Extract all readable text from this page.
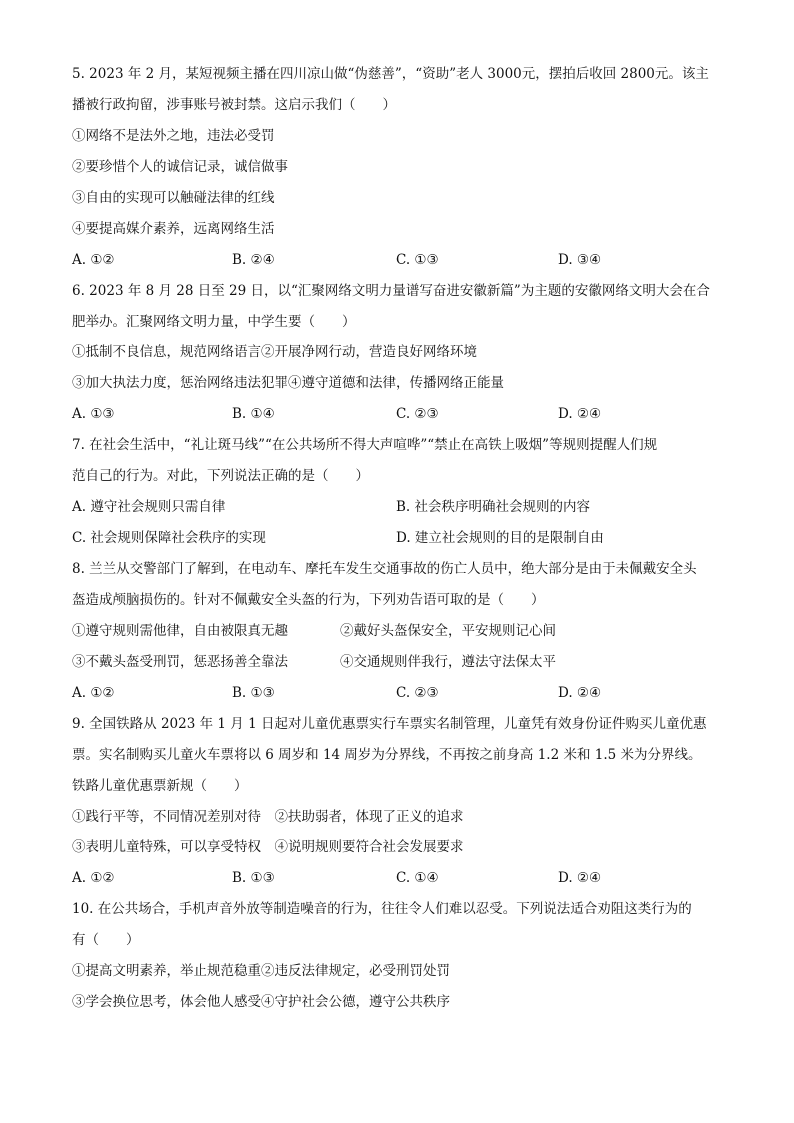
5. 2023 年 2 月，某短视频主播在四川凉山做“伪慈善”，“资助”老人 3000元，摆拍后收回 2800元。该主
播被行政拘留，涉事账号被封禁。这启示我们（　　）
①网络不是法外之地，违法必受罚
②要珍惜个人的诚信记录，诚信做事
③自由的实现可以触碰法律的红线
④要提高媒介素养，远离网络生活
A. ①②	B. ②④	C. ①③	D. ③④
6. 2023 年 8 月 28 日至 29 日，以“汇聚网络文明力量谱写奋进安徽新篇”为主题的安徽网络文明大会在合
肥举办。汇聚网络文明力量，中学生要（　　）
①抵制不良信息，规范网络语言②开展净网行动，营造良好网络环境
③加大执法力度，惩治网络违法犯罪④遵守道德和法律，传播网络正能量
A. ①③	B. ①④	C. ②③	D. ②④
7. 在社会生活中，“礼让斑马线”“在公共场所不得大声喧哗”“禁止在高铁上吸烟”等规则提醒人们规
范自己的行为。对此，下列说法正确的是（　　）
A. 遵守社会规则只需自律	B. 社会秩序明确社会规则的内容
C. 社会规则保障社会秩序的实现	D. 建立社会规则的目的是限制自由
8. 兰兰从交警部门了解到，在电动车、摩托车发生交通事故的伤亡人员中，绝大部分是由于未佩戴安全头
盔造成颅脑损伤的。针对不佩戴安全头盔的行为，下列劝告语可取的是（　　）
①遵守规则需他律，自由被限真无趣	②戴好头盔保安全，平安规则记心间
③不戴头盔受刑罚，惩恶扬善全靠法	④交通规则伴我行，遵法守法保太平
A. ①②	B. ①③	C. ②③	D. ②④
9. 全国铁路从 2023 年 1 月 1 日起对儿童优惠票实行车票实名制管理，儿童凭有效身份证件购买儿童优惠
票。实名制购买儿童火车票将以 6 周岁和 14 周岁为分界线，不再按之前身高 1.2 米和 1.5 米为分界线。
铁路儿童优惠票新规（　　）
①践行平等，不同情况差别对待　②扶助弱者，体现了正义的追求
③表明儿童特殊，可以享受特权　④说明规则要符合社会发展要求
A. ①②	B. ①③	C. ①④	D. ②④
10. 在公共场合，手机声音外放等制造噪音的行为，往往令人们难以忍受。下列说法适合劝阻这类行为的
有（　　）
①提高文明素养，举止规范稳重②违反法律规定，必受刑罚处罚
③学会换位思考，体会他人感受④守护社会公德，遵守公共秩序
